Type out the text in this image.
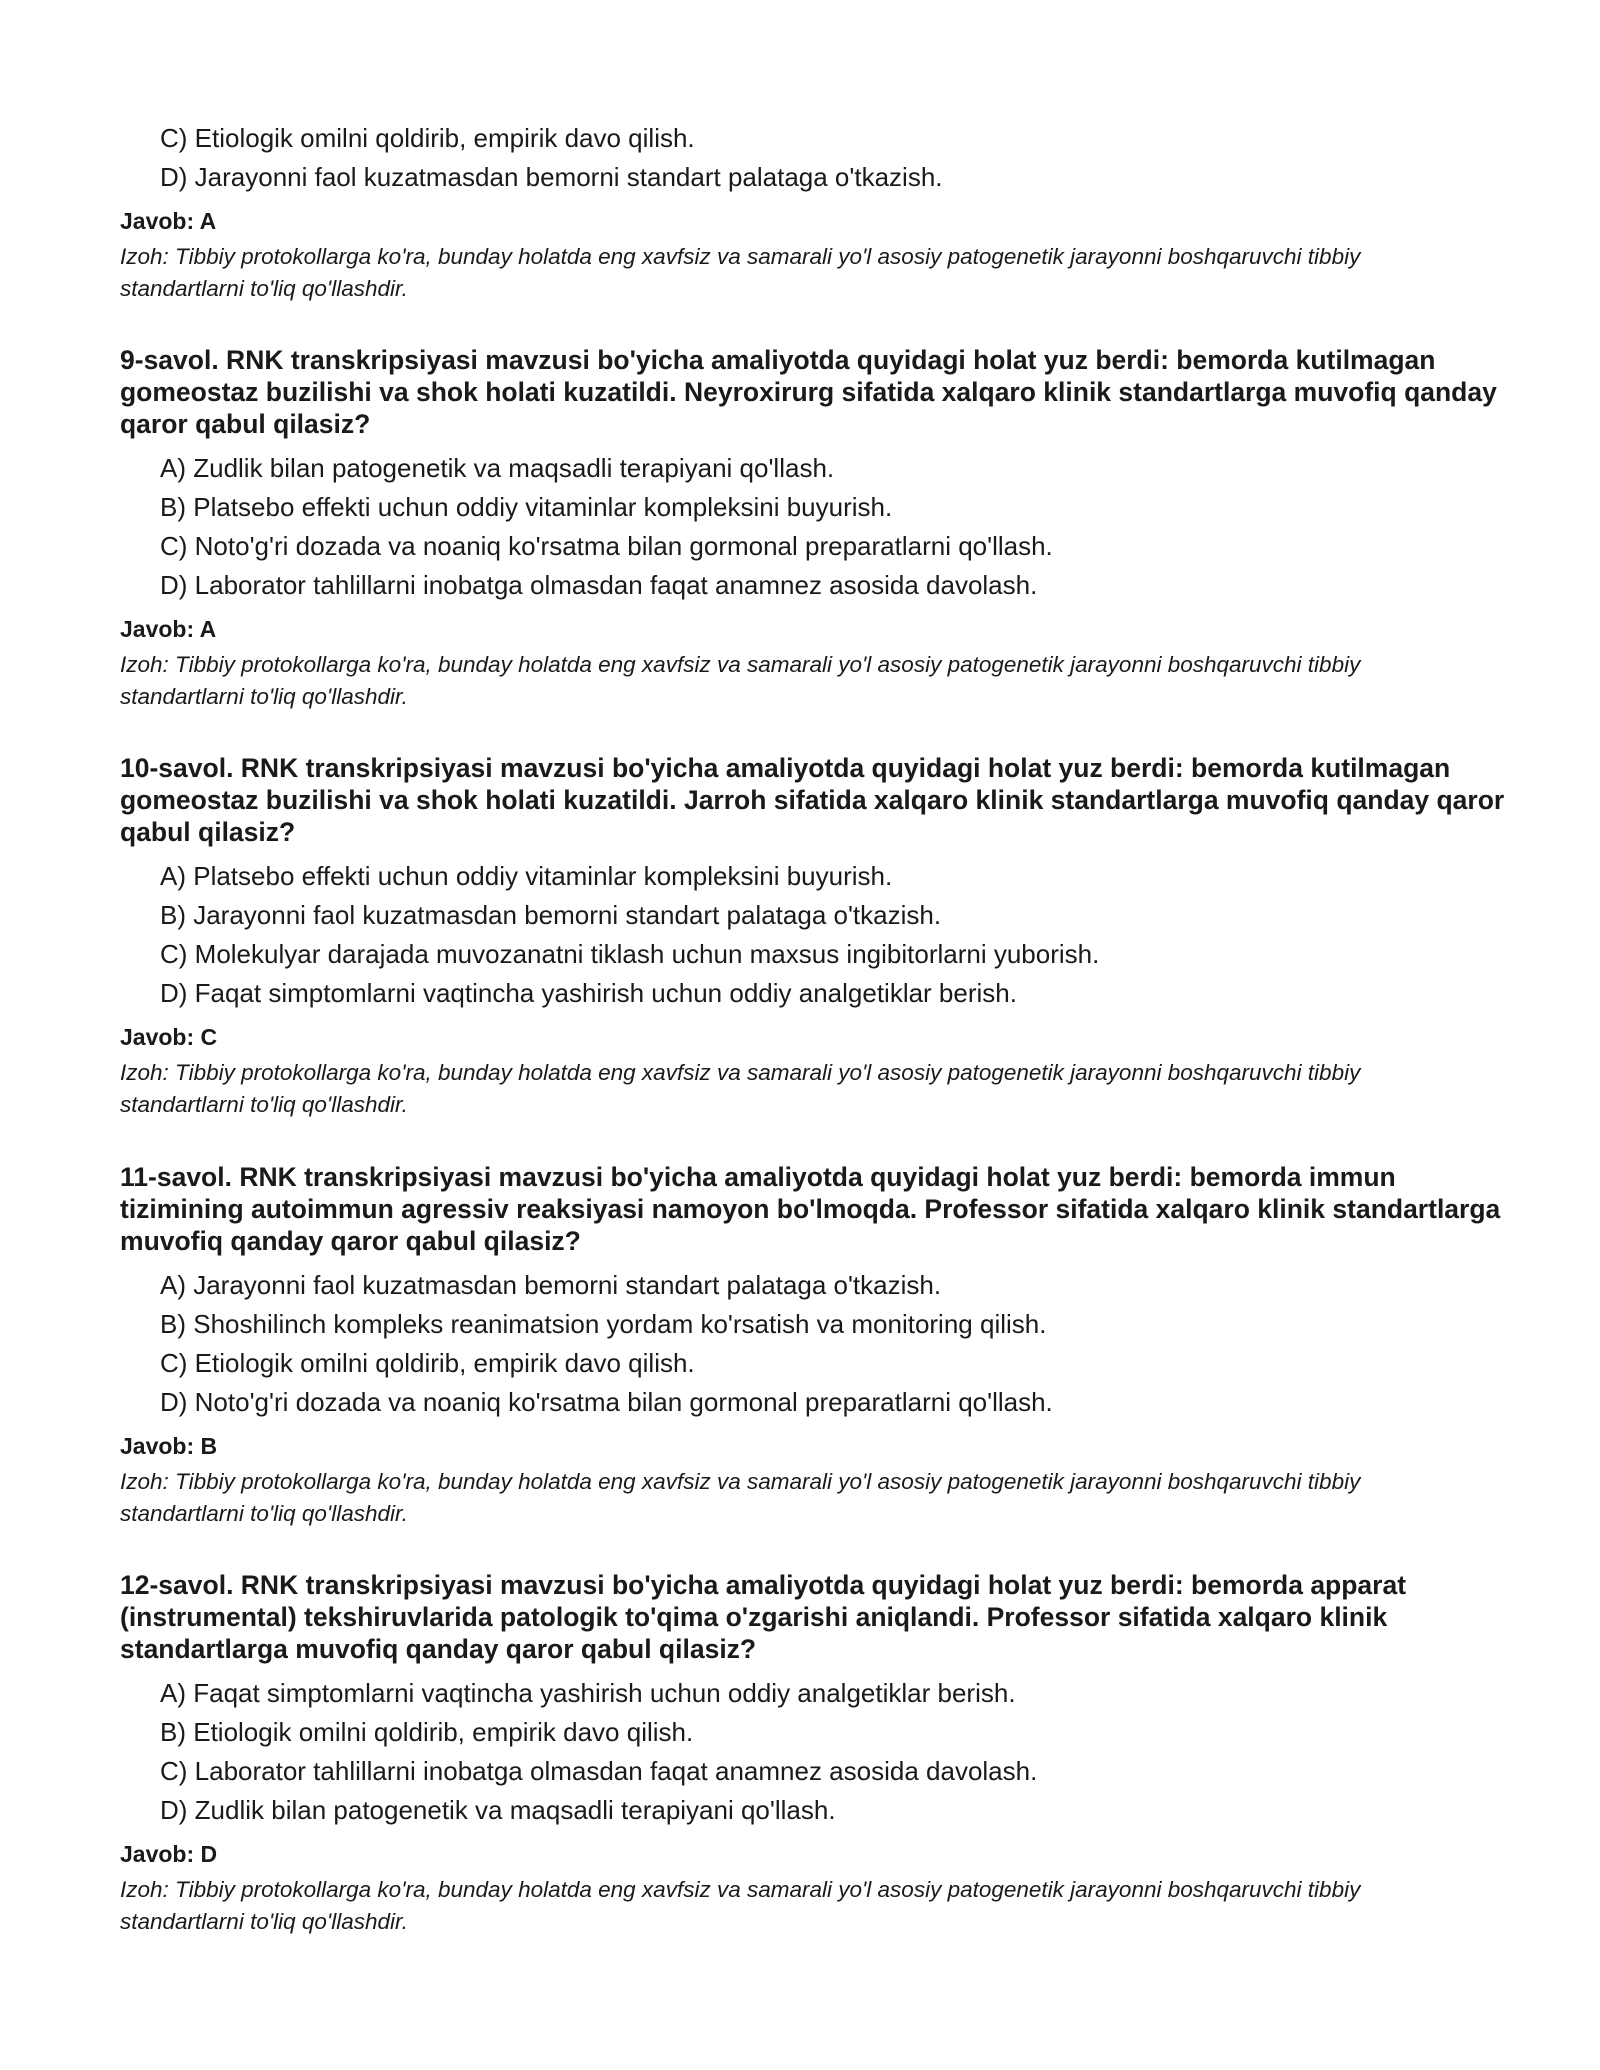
C) Etiologik omilni qoldirib, empirik davo qilish.
D) Jarayonni faol kuzatmasdan bemorni standart palataga o'tkazish.
Javob: A
Izoh: Tibbiy protokollarga ko'ra, bunday holatda eng xavfsiz va samarali yo'l asosiy patogenetik jarayonni boshqaruvchi tibbiy standartlarni to'liq qo'llashdir.
9-savol. RNK transkripsiyasi mavzusi bo'yicha amaliyotda quyidagi holat yuz berdi: bemorda kutilmagan gomeostaz buzilishi va shok holati kuzatildi. Neyroxirurg sifatida xalqaro klinik standartlarga muvofiq qanday qaror qabul qilasiz?
A) Zudlik bilan patogenetik va maqsadli terapiyani qo'llash.
B) Platsebo effekti uchun oddiy vitaminlar kompleksini buyurish.
C) Noto'g'ri dozada va noaniq ko'rsatma bilan gormonal preparatlarni qo'llash.
D) Laborator tahlillarni inobatga olmasdan faqat anamnez asosida davolash.
Javob: A
Izoh: Tibbiy protokollarga ko'ra, bunday holatda eng xavfsiz va samarali yo'l asosiy patogenetik jarayonni boshqaruvchi tibbiy standartlarni to'liq qo'llashdir.
10-savol. RNK transkripsiyasi mavzusi bo'yicha amaliyotda quyidagi holat yuz berdi: bemorda kutilmagan gomeostaz buzilishi va shok holati kuzatildi. Jarroh sifatida xalqaro klinik standartlarga muvofiq qanday qaror qabul qilasiz?
A) Platsebo effekti uchun oddiy vitaminlar kompleksini buyurish.
B) Jarayonni faol kuzatmasdan bemorni standart palataga o'tkazish.
C) Molekulyar darajada muvozanatni tiklash uchun maxsus ingibitorlarni yuborish.
D) Faqat simptomlarni vaqtincha yashirish uchun oddiy analgetiklar berish.
Javob: C
Izoh: Tibbiy protokollarga ko'ra, bunday holatda eng xavfsiz va samarali yo'l asosiy patogenetik jarayonni boshqaruvchi tibbiy standartlarni to'liq qo'llashdir.
11-savol. RNK transkripsiyasi mavzusi bo'yicha amaliyotda quyidagi holat yuz berdi: bemorda immun tizimining autoimmun agressiv reaksiyasi namoyon bo'lmoqda. Professor sifatida xalqaro klinik standartlarga muvofiq qanday qaror qabul qilasiz?
A) Jarayonni faol kuzatmasdan bemorni standart palataga o'tkazish.
B) Shoshilinch kompleks reanimatsion yordam ko'rsatish va monitoring qilish.
C) Etiologik omilni qoldirib, empirik davo qilish.
D) Noto'g'ri dozada va noaniq ko'rsatma bilan gormonal preparatlarni qo'llash.
Javob: B
Izoh: Tibbiy protokollarga ko'ra, bunday holatda eng xavfsiz va samarali yo'l asosiy patogenetik jarayonni boshqaruvchi tibbiy standartlarni to'liq qo'llashdir.
12-savol. RNK transkripsiyasi mavzusi bo'yicha amaliyotda quyidagi holat yuz berdi: bemorda apparat (instrumental) tekshiruvlarida patologik to'qima o'zgarishi aniqlandi. Professor sifatida xalqaro klinik standartlarga muvofiq qanday qaror qabul qilasiz?
A) Faqat simptomlarni vaqtincha yashirish uchun oddiy analgetiklar berish.
B) Etiologik omilni qoldirib, empirik davo qilish.
C) Laborator tahlillarni inobatga olmasdan faqat anamnez asosida davolash.
D) Zudlik bilan patogenetik va maqsadli terapiyani qo'llash.
Javob: D
Izoh: Tibbiy protokollarga ko'ra, bunday holatda eng xavfsiz va samarali yo'l asosiy patogenetik jarayonni boshqaruvchi tibbiy standartlarni to'liq qo'llashdir.
